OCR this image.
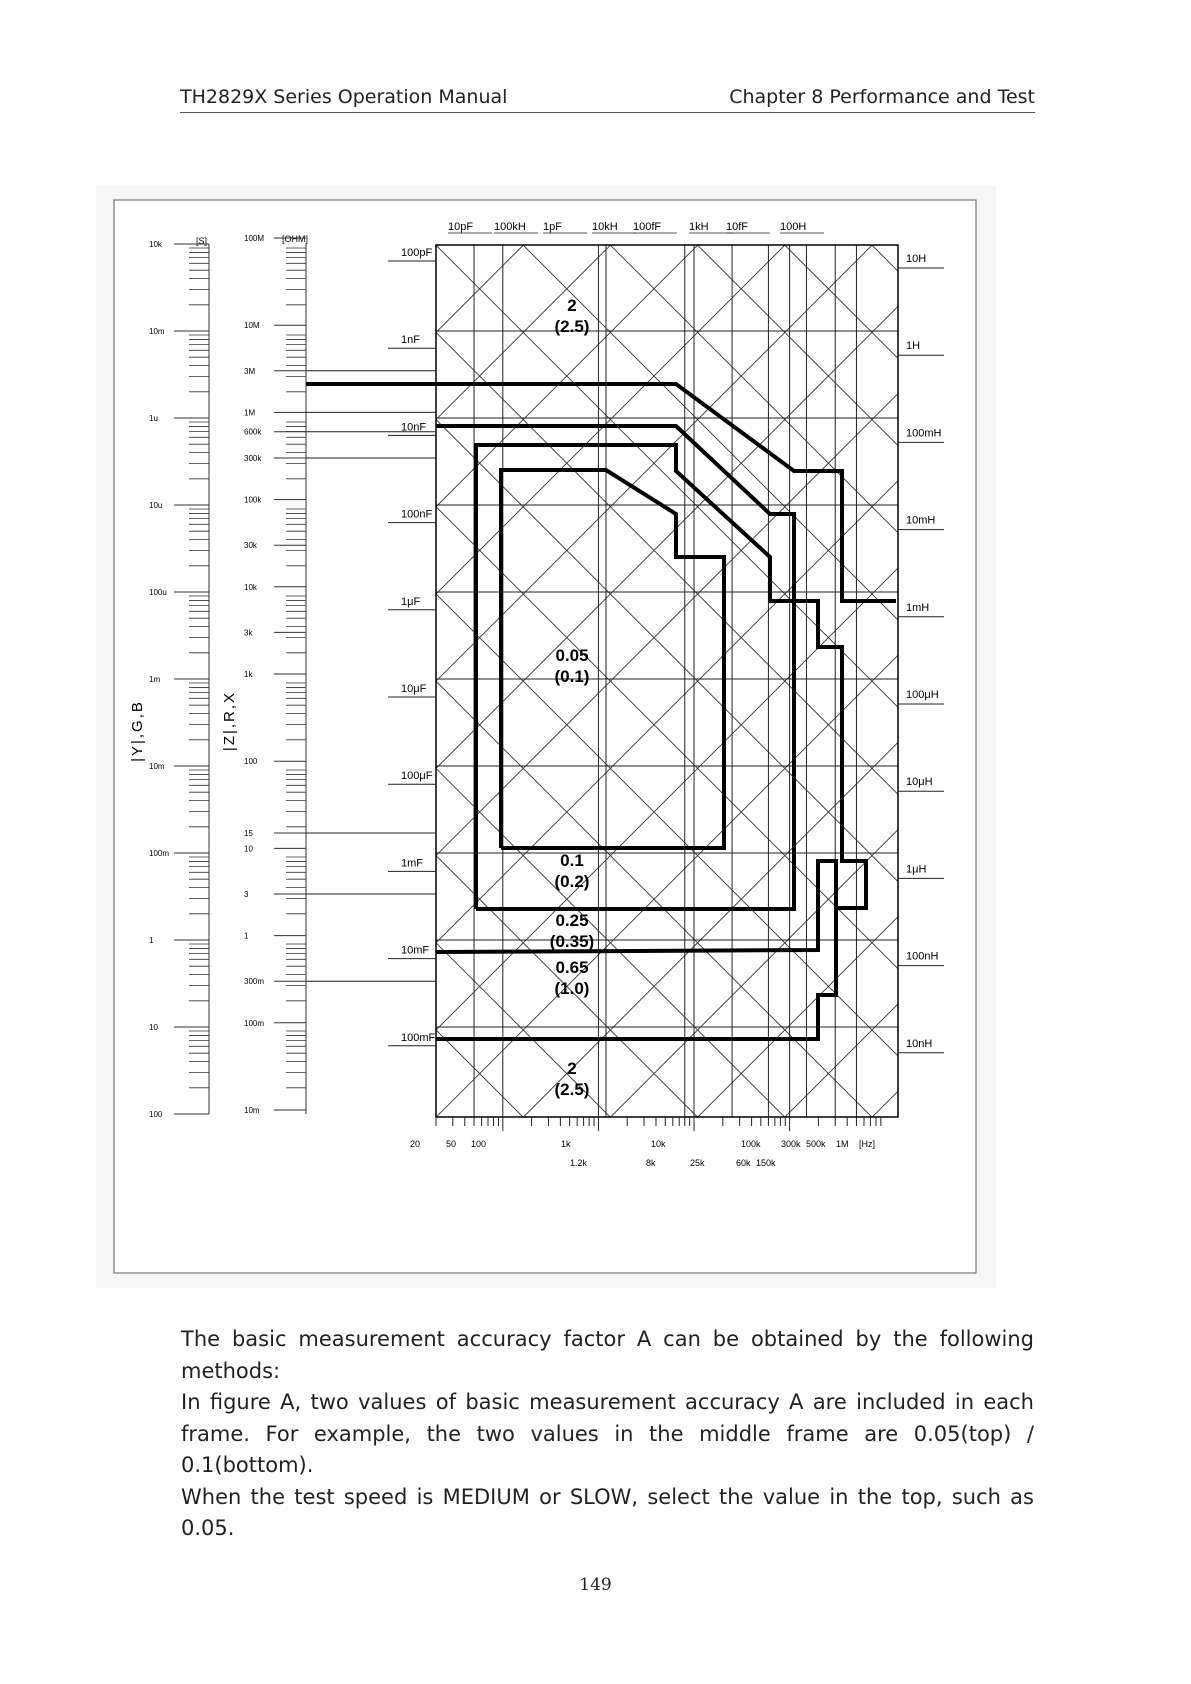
TH2829X Series Operation Manual	Chapter 8 Performance and Test
[S]	[OHM]
|Y|,G,B	|Z|,R,X
10k
10m
1u
10u
100u
1m
10m
100m
1
10
100
100M
10M
3M
1M
600k
300k
100k
30k
10k
3k
1k
100
15
10
3
1
300m
100m
10m
10pF 100kH 1pF	10kH 100fF	1kH 10fF	100H
100pF
1nF
10nF
100nF
1μF
10μF
100μF
1mF
10mF
100mF
10H
1H
100mH
10mH
1mH
100μH
10μH
1μH
100nH
10nH
20	50 100	1k	10k	100k 300k 500k 1M [Hz]
1.2k	8k	25k	60k 150k
2
(2.5)
0.05
(0.1)
0.1
(0.2)
0.25
(0.35)
0.65
(1.0)
2
(2.5)

The basic measurement accuracy factor A can be obtained by the following methods:

In figure A, two values of basic measurement accuracy A are included in each frame. For example, the two values in the middle frame are 0.05(top) / 0.1(bottom).

When the test speed is MEDIUM or SLOW, select the value in the top, such as 0.05.

149
